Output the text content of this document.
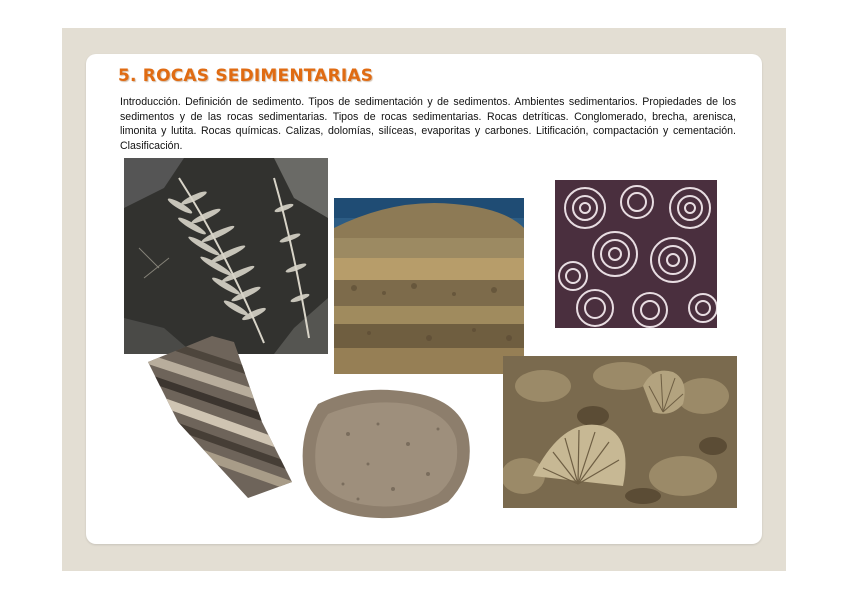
5. ROCAS SEDIMENTARIAS
Introducción. Definición de sedimento. Tipos de sedimentación y de sedimentos. Ambientes sedimentarios. Propiedades de los sedimentos y de las rocas sedimentarias. Tipos de rocas sedimentarias. Rocas detríticas. Conglomerado, brecha, arenisca, limonita y lutita. Rocas químicas. Calizas, dolomías, silíceas, evaporitas y carbones. Litificación, compactación y cementación. Clasificación.
